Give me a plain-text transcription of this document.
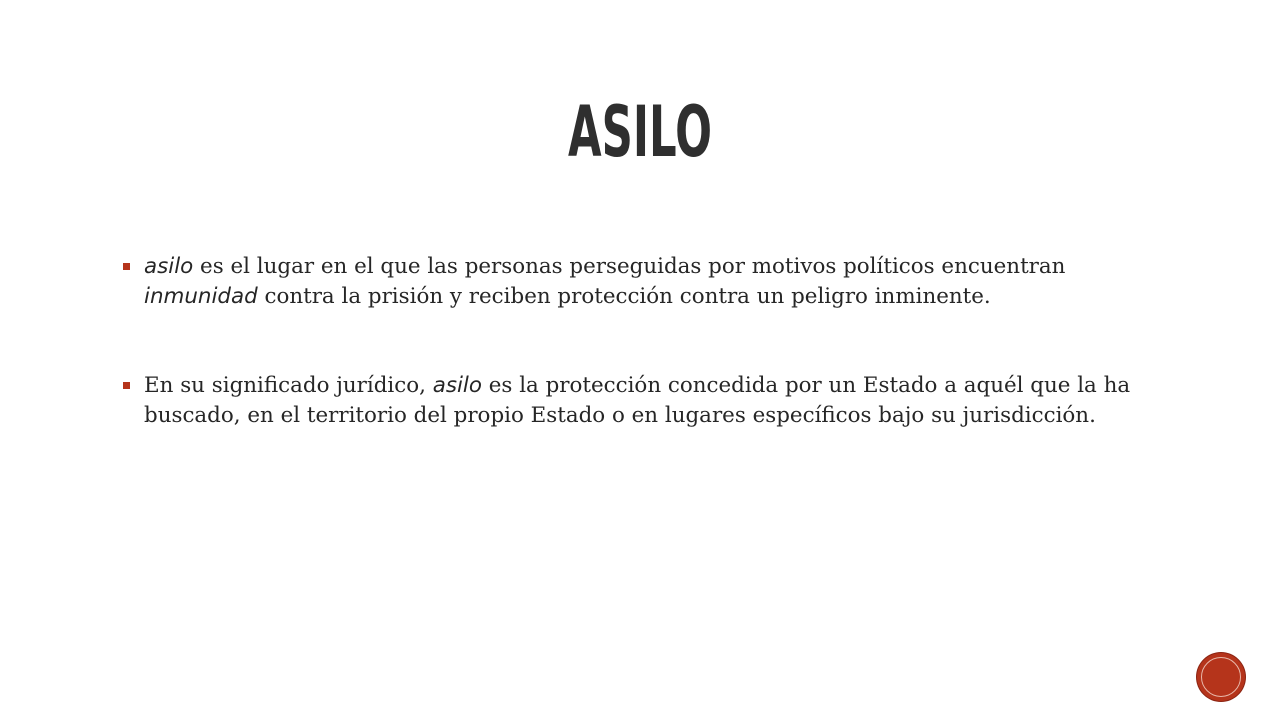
ASILO
asilo es el lugar en el que las personas perseguidas por motivos políticos encuentran inmunidad contra la prisión y reciben protección contra un peligro inminente.
En su significado jurídico, asilo es la protección concedida por un Estado a aquél que la ha buscado, en el territorio del propio Estado o en lugares específicos bajo su jurisdicción.
